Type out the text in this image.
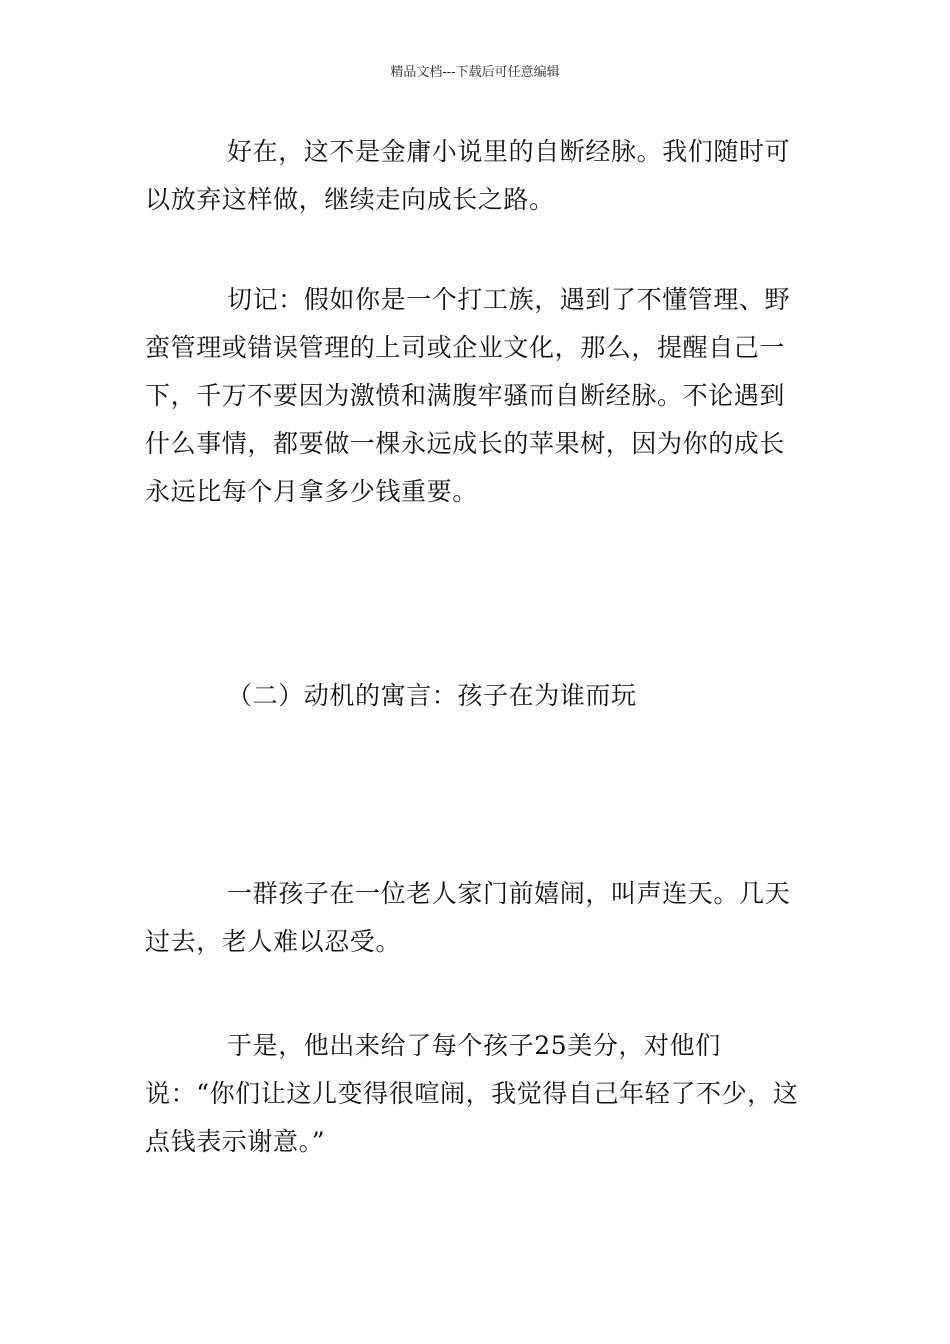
精品文档---下载后可任意编辑

好在，这不是金庸小说里的自断经脉。我们随时可以放弃这样做，继续走向成长之路。

切记：假如你是一个打工族，遇到了不懂管理、野蛮管理或错误管理的上司或企业文化，那么，提醒自己一下，千万不要因为激愤和满腹牢骚而自断经脉。不论遇到什么事情，都要做一棵永远成长的苹果树，因为你的成长永远比每个月拿多少钱重要。

（二）动机的寓言：孩子在为谁而玩

一群孩子在一位老人家门前嬉闹，叫声连天。几天过去，老人难以忍受。

于是，他出来给了每个孩子25美分，对他们说：“你们让这儿变得很喧闹，我觉得自己年轻了不少，这点钱表示谢意。”
